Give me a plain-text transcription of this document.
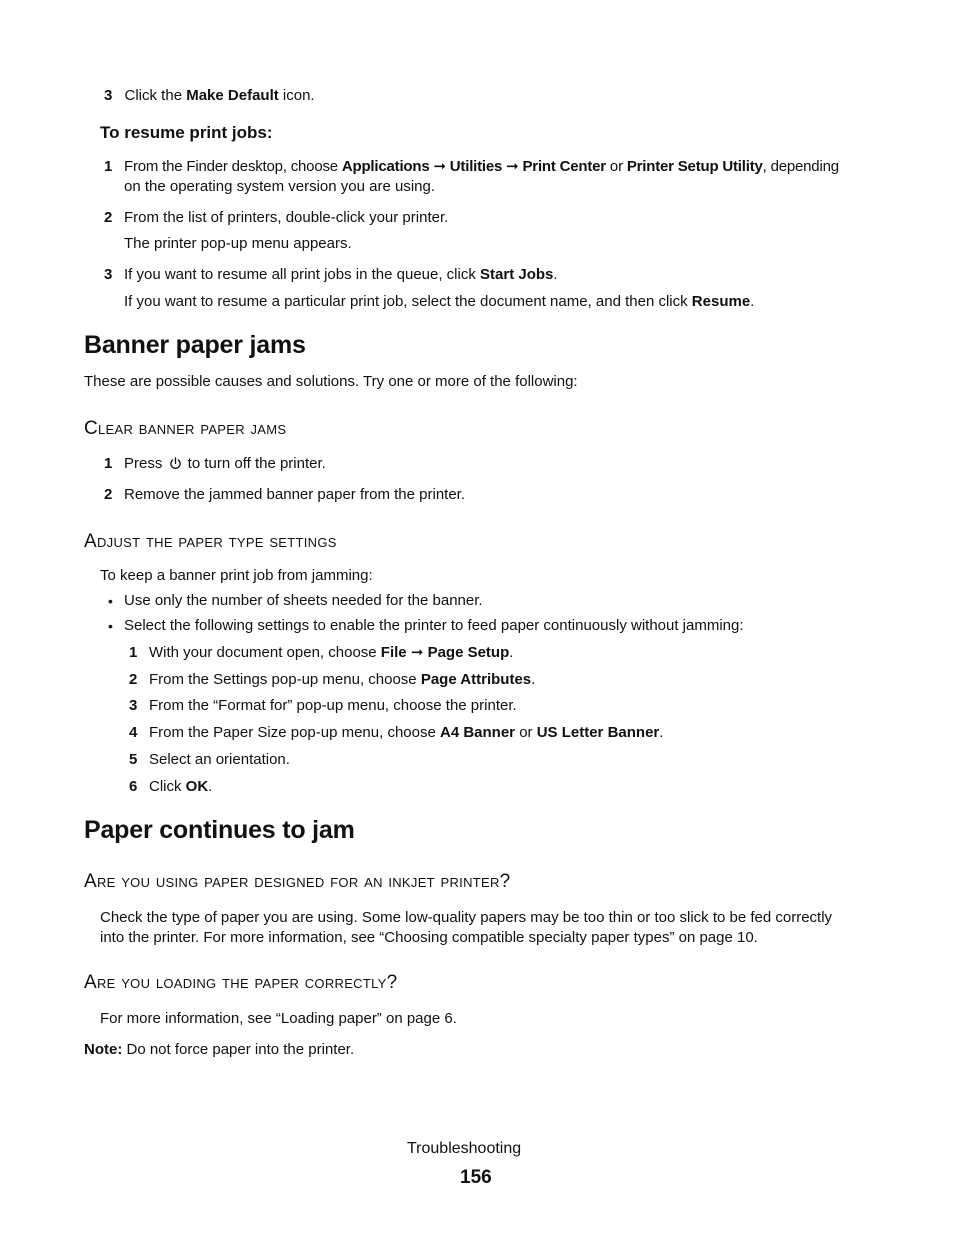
3 Click the Make Default icon.
To resume print jobs:
1 From the Finder desktop, choose Applications ➞ Utilities ➞ Print Center or Printer Setup Utility, depending
on the operating system version you are using.
2 From the list of printers, double-click your printer.
The printer pop-up menu appears.
3 If you want to resume all print jobs in the queue, click Start Jobs.
If you want to resume a particular print job, select the document name, and then click Resume.
Banner paper jams
These are possible causes and solutions. Try one or more of the following:
Clear banner paper jams
1 Press  to turn off the printer.
2 Remove the jammed banner paper from the printer.
Adjust the paper type settings
To keep a banner print job from jamming:
• Use only the number of sheets needed for the banner.
• Select the following settings to enable the printer to feed paper continuously without jamming:
1 With your document open, choose File ➞ Page Setup.
2 From the Settings pop-up menu, choose Page Attributes.
3 From the “Format for” pop-up menu, choose the printer.
4 From the Paper Size pop-up menu, choose A4 Banner or US Letter Banner.
5 Select an orientation.
6 Click OK.
Paper continues to jam
Are you using paper designed for an inkjet printer?
Check the type of paper you are using. Some low-quality papers may be too thin or too slick to be fed correctly
into the printer. For more information, see “Choosing compatible specialty paper types” on page 10.
Are you loading the paper correctly?
For more information, see “Loading paper” on page 6.
Note: Do not force paper into the printer.
Troubleshooting
156
